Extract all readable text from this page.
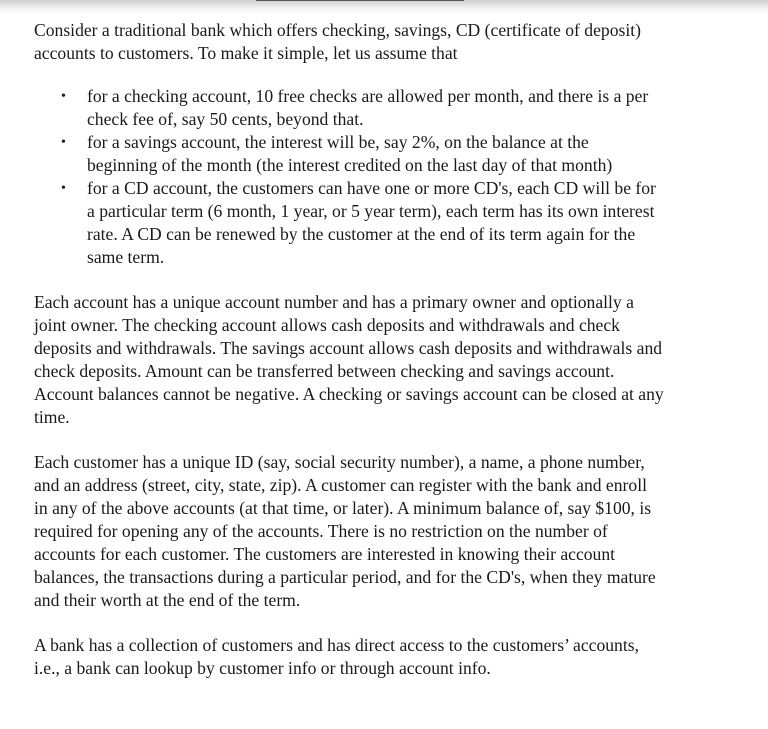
Consider a traditional bank which offers checking, savings, CD (certificate of deposit) accounts to customers. To make it simple, let us assume that

• for a checking account, 10 free checks are allowed per month, and there is a per check fee of, say 50 cents, beyond that.
• for a savings account, the interest will be, say 2%, on the balance at the beginning of the month (the interest credited on the last day of that month)
• for a CD account, the customers can have one or more CD's, each CD will be for a particular term (6 month, 1 year, or 5 year term), each term has its own interest rate. A CD can be renewed by the customer at the end of its term again for the same term.

Each account has a unique account number and has a primary owner and optionally a joint owner. The checking account allows cash deposits and withdrawals and check deposits and withdrawals. The savings account allows cash deposits and withdrawals and check deposits. Amount can be transferred between checking and savings account. Account balances cannot be negative. A checking or savings account can be closed at any time.

Each customer has a unique ID (say, social security number), a name, a phone number, and an address (street, city, state, zip). A customer can register with the bank and enroll in any of the above accounts (at that time, or later). A minimum balance of, say $100, is required for opening any of the accounts. There is no restriction on the number of accounts for each customer. The customers are interested in knowing their account balances, the transactions during a particular period, and for the CD's, when they mature and their worth at the end of the term.

A bank has a collection of customers and has direct access to the customers’ accounts, i.e., a bank can lookup by customer info or through account info.
